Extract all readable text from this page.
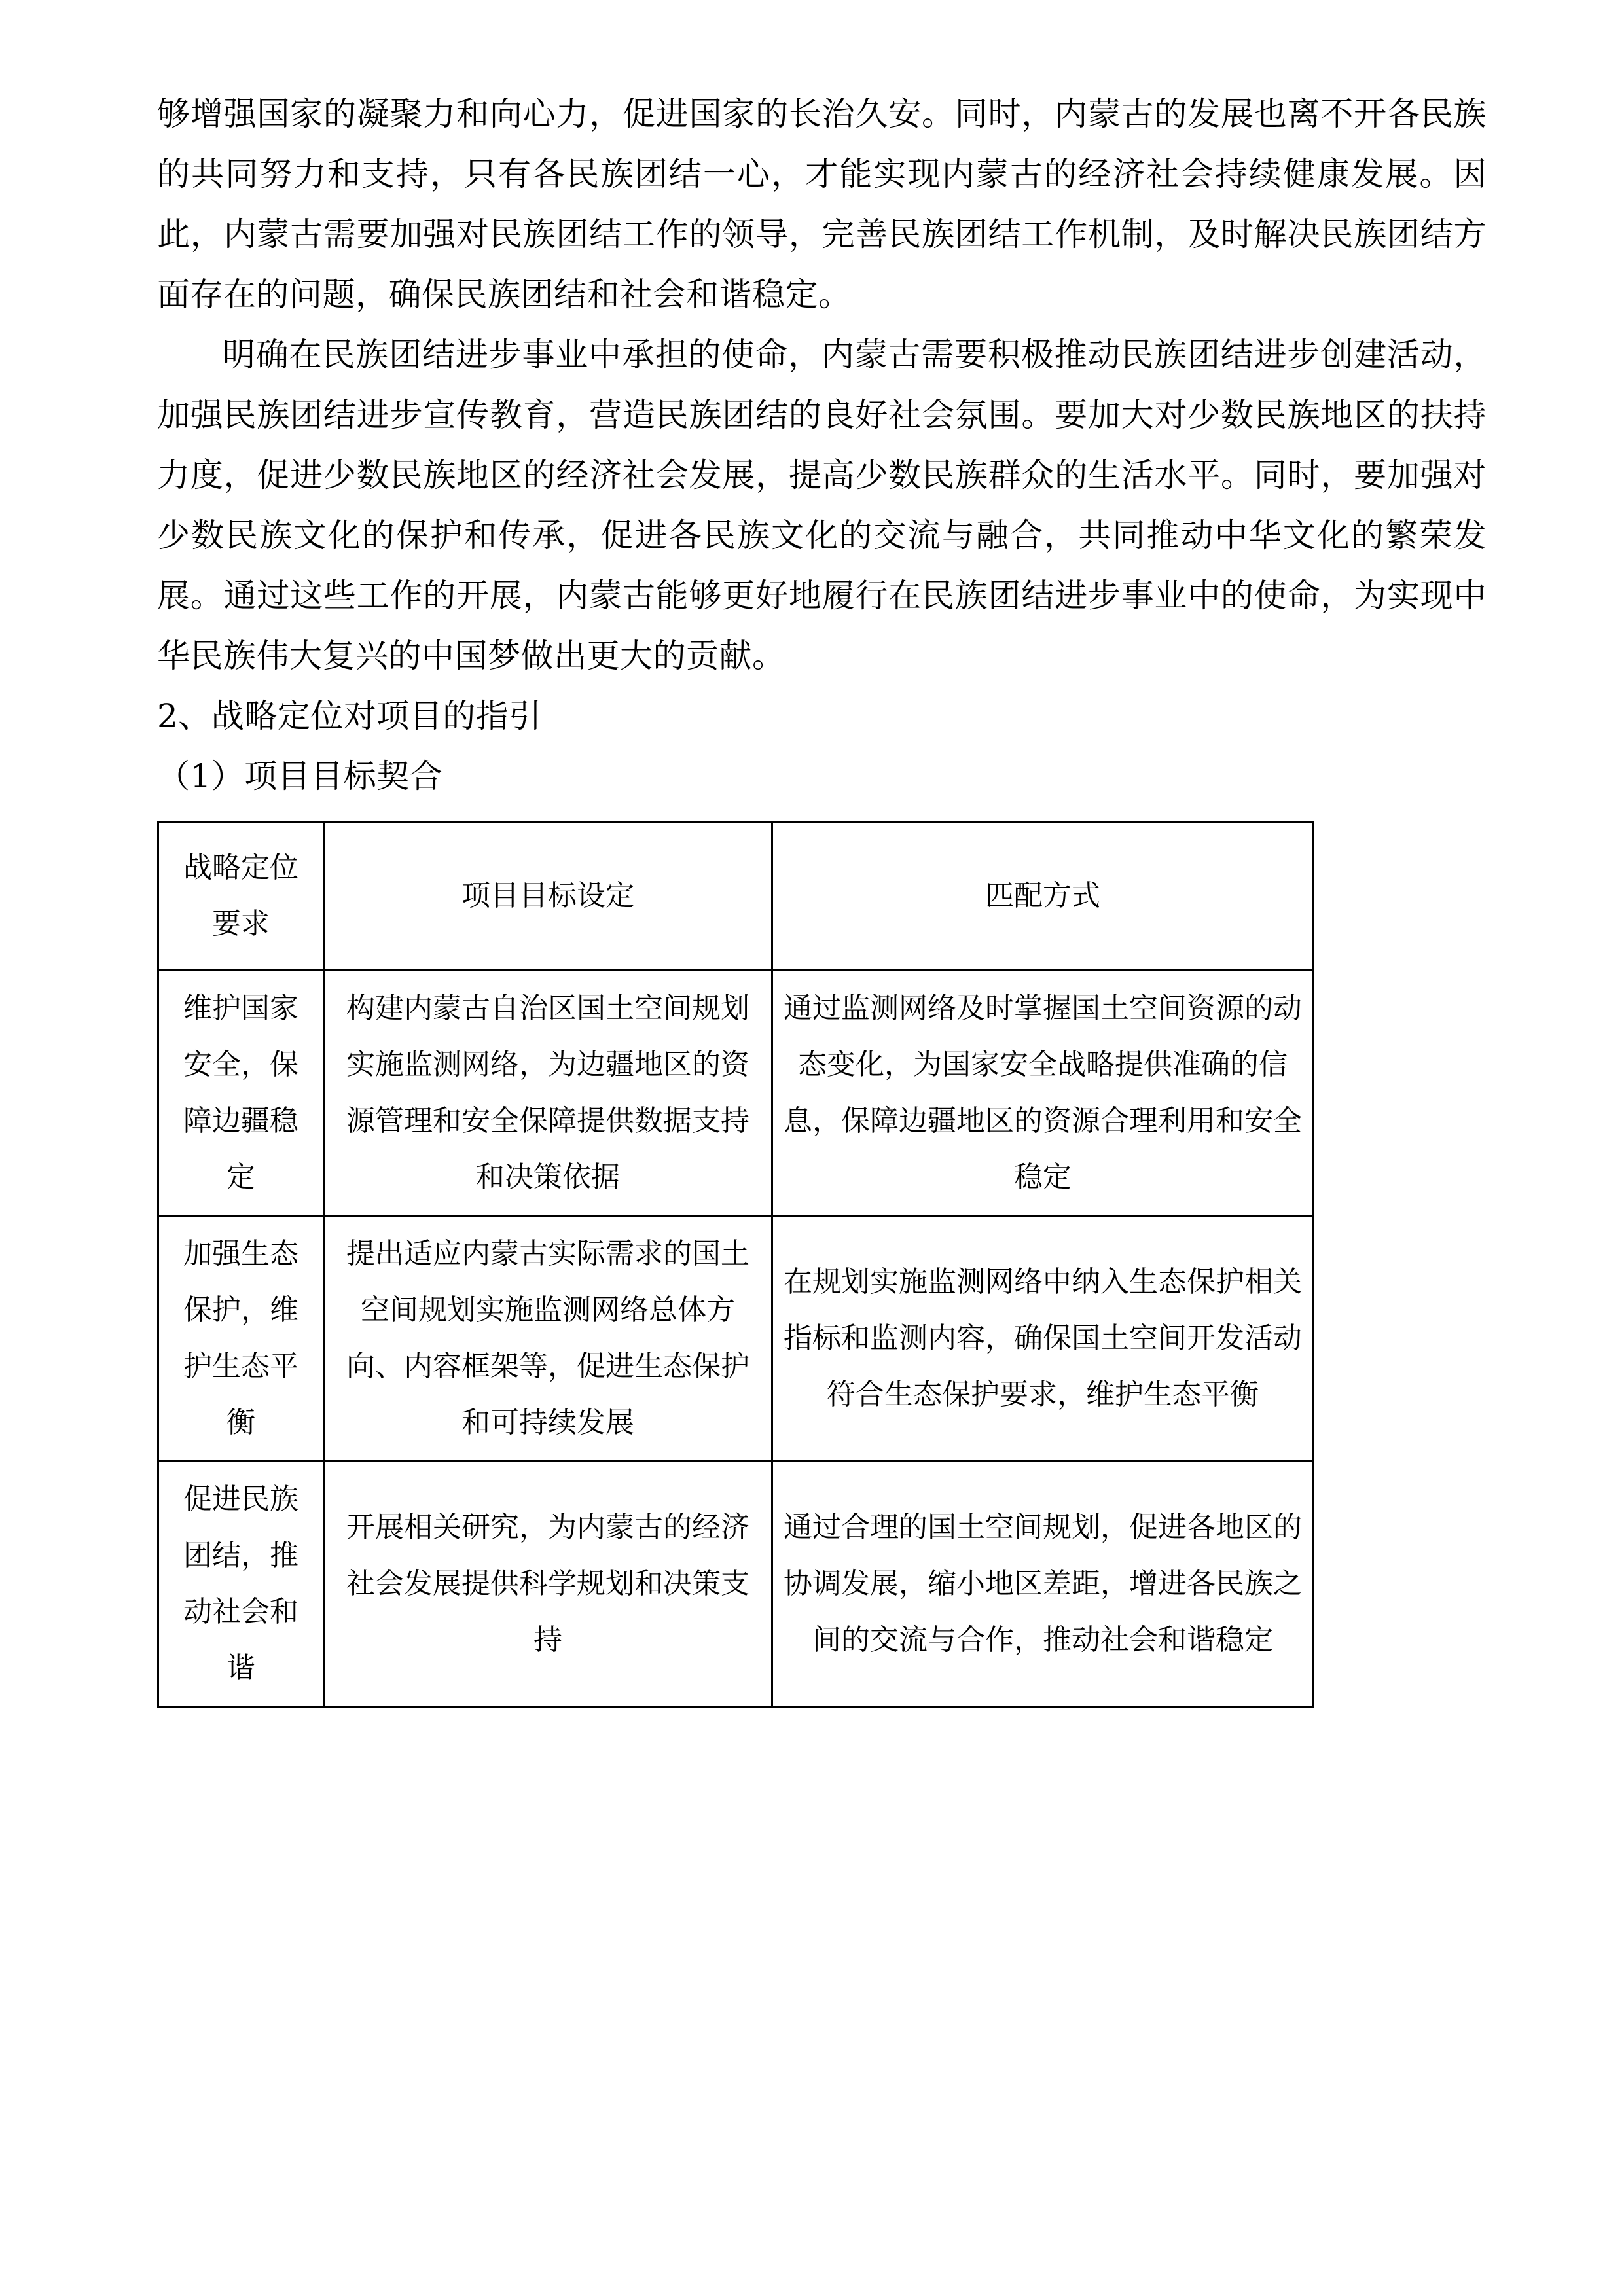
够增强国家的凝聚力和向心力，促进国家的长治久安。同时，内蒙古的发展也离不开各民族的共同努力和支持，只有各民族团结一心，才能实现内蒙古的经济社会持续健康发展。因此，内蒙古需要加强对民族团结工作的领导，完善民族团结工作机制，及时解决民族团结方面存在的问题，确保民族团结和社会和谐稳定。
明确在民族团结进步事业中承担的使命，内蒙古需要积极推动民族团结进步创建活动，加强民族团结进步宣传教育，营造民族团结的良好社会氛围。要加大对少数民族地区的扶持力度，促进少数民族地区的经济社会发展，提高少数民族群众的生活水平。同时，要加强对少数民族文化的保护和传承，促进各民族文化的交流与融合，共同推动中华文化的繁荣发展。通过这些工作的开展，内蒙古能够更好地履行在民族团结进步事业中的使命，为实现中华民族伟大复兴的中国梦做出更大的贡献。
2、战略定位对项目的指引
（1）项目目标契合
战略定位要求	项目目标设定	匹配方式
维护国家安全，保障边疆稳定	构建内蒙古自治区国土空间规划实施监测网络，为边疆地区的资源管理和安全保障提供数据支持和决策依据	通过监测网络及时掌握国土空间资源的动态变化，为国家安全战略提供准确的信息，保障边疆地区的资源合理利用和安全稳定
加强生态保护，维护生态平衡	提出适应内蒙古实际需求的国土空间规划实施监测网络总体方向、内容框架等，促进生态保护和可持续发展	在规划实施监测网络中纳入生态保护相关指标和监测内容，确保国土空间开发活动符合生态保护要求，维护生态平衡
促进民族团结，推动社会和谐	开展相关研究，为内蒙古的经济社会发展提供科学规划和决策支持	通过合理的国土空间规划，促进各地区的协调发展，缩小地区差距，增进各民族之间的交流与合作，推动社会和谐稳定
